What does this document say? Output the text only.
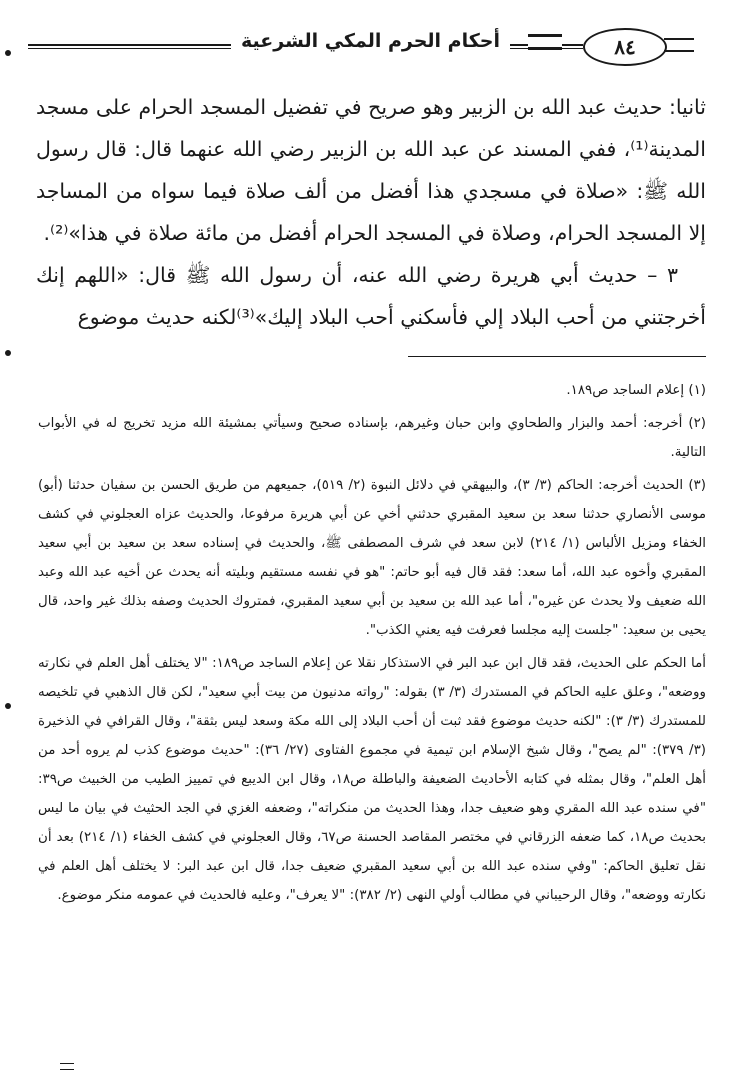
أحكام الحرم المكي الشرعية	٨٤

ثانيا: حديث عبد الله بن الزبير وهو صريح في تفضيل المسجد الحرام على مسجد المدينة⁽¹⁾، ففي المسند عن عبد الله بن الزبير رضي الله عنهما قال: قال رسول الله ﷺ: «صلاة في مسجدي هذا أفضل من ألف صلاة فيما سواه من المساجد إلا المسجد الحرام، وصلاة في المسجد الحرام أفضل من مائة صلاة في هذا»⁽²⁾.

٣ – حديث أبي هريرة رضي الله عنه، أن رسول الله ﷺ قال: «اللهم إنك أخرجتني من أحب البلاد إلي فأسكني أحب البلاد إليك»⁽³⁾لكنه حديث موضوع

(١) إعلام الساجد ص١٨٩.

(٢) أخرجه: أحمد والبزار والطحاوي وابن حبان وغيرهم، بإسناده صحيح وسيأتي بمشيئة الله مزيد تخريج له في الأبواب التالية.

(٣) الحديث أخرجه: الحاكم (٣/ ٣)، والبيهقي في دلائل النبوة (٢/ ٥١٩)، جميعهم من طريق الحسن بن سفيان حدثنا (أبو) موسى الأنصاري حدثنا سعد بن سعيد المقبري حدثني أخي عن أبي هريرة مرفوعا، والحديث عزاه العجلوني في كشف الخفاء ومزيل الألباس (١/ ٢١٤) لابن سعد في شرف المصطفى ﷺ، والحديث في إسناده سعد بن سعيد بن أبي سعيد المقبري وأخوه عبد الله، أما سعد: فقد قال فيه أبو حاتم: "هو في نفسه مستقيم وبليته أنه يحدث عن أخيه عبد الله وعبد الله ضعيف ولا يحدث عن غيره"، أما عبد الله بن سعيد بن أبي سعيد المقبري، فمتروك الحديث وصفه بذلك غير واحد، قال يحيى بن سعيد: "جلست إليه مجلسا فعرفت فيه يعني الكذب".

أما الحكم على الحديث، فقد قال ابن عبد البر في الاستذكار نقلا عن إعلام الساجد ص١٨٩: "لا يختلف أهل العلم في نكارته ووضعه"، وعلق عليه الحاكم في المستدرك (٣/ ٣) بقوله: "رواته مدنيون من بيت أبي سعيد"، لكن قال الذهبي في تلخيصه للمستدرك (٣/ ٣): "لكنه حديث موضوع فقد ثبت أن أحب البلاد إلى الله مكة وسعد ليس بثقة"، وقال القرافي في الذخيرة (٣/ ٣٧٩): "لم يصح"، وقال شيخ الإسلام ابن تيمية في مجموع الفتاوى (٢٧/ ٣٦): "حديث موضوع كذب لم يروه أحد من أهل العلم"، وقال بمثله في كتابه الأحاديث الضعيفة والباطلة ص١٨، وقال ابن الديبع في تمييز الطيب من الخبيث ص٣٩: "في سنده عبد الله المقري وهو ضعيف جدا، وهذا الحديث من منكراته"، وضعفه الغزي في الجد الحثيث في بيان ما ليس بحديث ص١٨، كما ضعفه الزرقاني في مختصر المقاصد الحسنة ص٦٧، وقال العجلوني في كشف الخفاء (١/ ٢١٤) بعد أن نقل تعليق الحاكم: "وفي سنده عبد الله بن أبي سعيد المقبري ضعيف جدا، قال ابن عبد البر: لا يختلف أهل العلم في نكارته ووضعه"، وقال الرحيباني في مطالب أولي النهى (٢/ ٣٨٢): "لا يعرف"، وعليه فالحديث في عمومه منكر موضوع.
